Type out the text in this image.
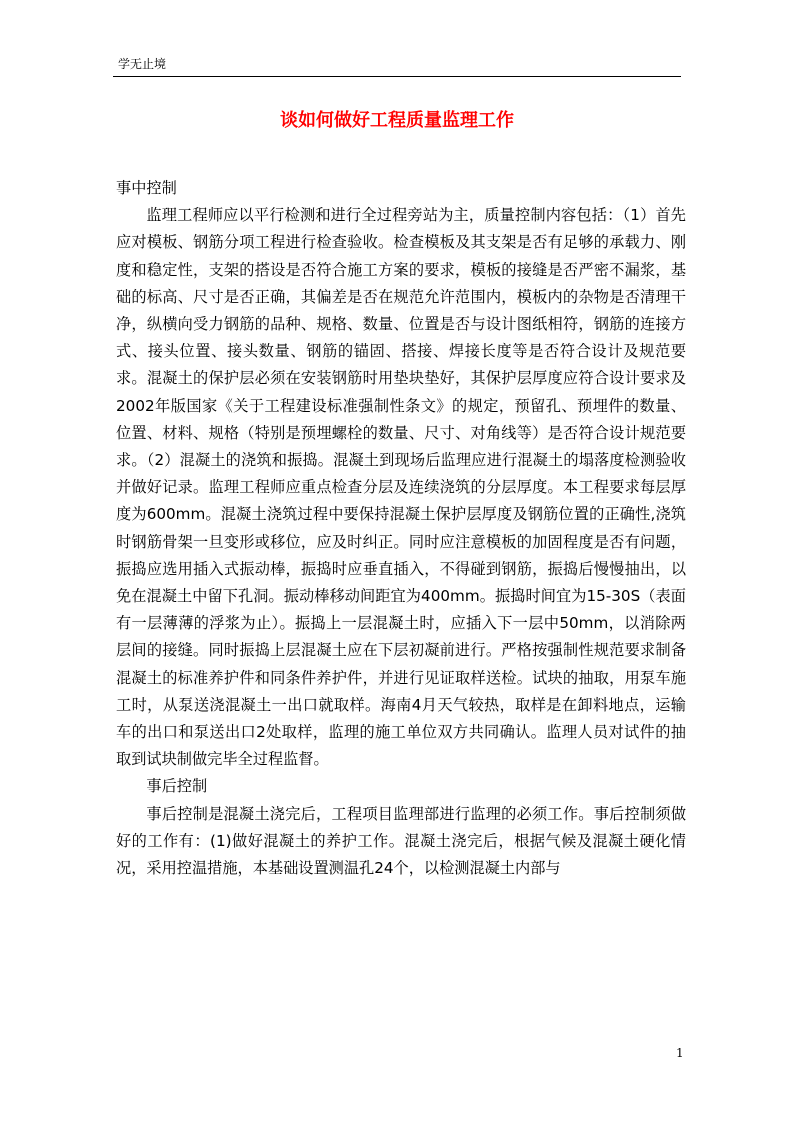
学无止境
谈如何做好工程质量监理工作

事中控制

监理工程师应以平行检测和进行全过程旁站为主，质量控制内容包括：（1）首先应对模板、钢筋分项工程进行检查验收。检查模板及其支架是否有足够的承载力、刚度和稳定性，支架的搭设是否符合施工方案的要求，模板的接缝是否严密不漏浆，基础的标高、尺寸是否正确，其偏差是否在规范允许范围内，模板内的杂物是否清理干净，纵横向受力钢筋的品种、规格、数量、位置是否与设计图纸相符，钢筋的连接方式、接头位置、接头数量、钢筋的锚固、搭接、焊接长度等是否符合设计及规范要求。混凝土的保护层必须在安装钢筋时用垫块垫好，其保护层厚度应符合设计要求及2002年版国家《关于工程建设标准强制性条文》的规定，预留孔、预埋件的数量、位置、材料、规格（特别是预埋螺栓的数量、尺寸、对角线等）是否符合设计规范要求。（2）混凝土的浇筑和振捣。混凝土到现场后监理应进行混凝土的塌落度检测验收并做好记录。监理工程师应重点检查分层及连续浇筑的分层厚度。本工程要求每层厚度为600mm。混凝土浇筑过程中要保持混凝土保护层厚度及钢筋位置的正确性,浇筑时钢筋骨架一旦变形或移位，应及时纠正。同时应注意模板的加固程度是否有问题，振捣应选用插入式振动棒，振捣时应垂直插入，不得碰到钢筋，振捣后慢慢抽出，以免在混凝土中留下孔洞。振动棒移动间距宜为400mm。振捣时间宜为15-30S（表面有一层薄薄的浮浆为止）。振捣上一层混凝土时，应插入下一层中50mm，以消除两层间的接缝。同时振捣上层混凝土应在下层初凝前进行。严格按强制性规范要求制备混凝土的标准养护件和同条件养护件，并进行见证取样送检。试块的抽取，用泵车施工时，从泵送浇混凝土一出口就取样。海南4月天气较热，取样是在卸料地点，运输车的出口和泵送出口2处取样，监理的施工单位双方共同确认。监理人员对试件的抽取到试块制做完毕全过程监督。

事后控制

事后控制是混凝土浇完后，工程项目监理部进行监理的必须工作。事后控制须做好的工作有：(1)做好混凝土的养护工作。混凝土浇完后，根据气候及混凝土硬化情况，采用控温措施，本基础设置测温孔24个，以检测混凝土内部与

1
